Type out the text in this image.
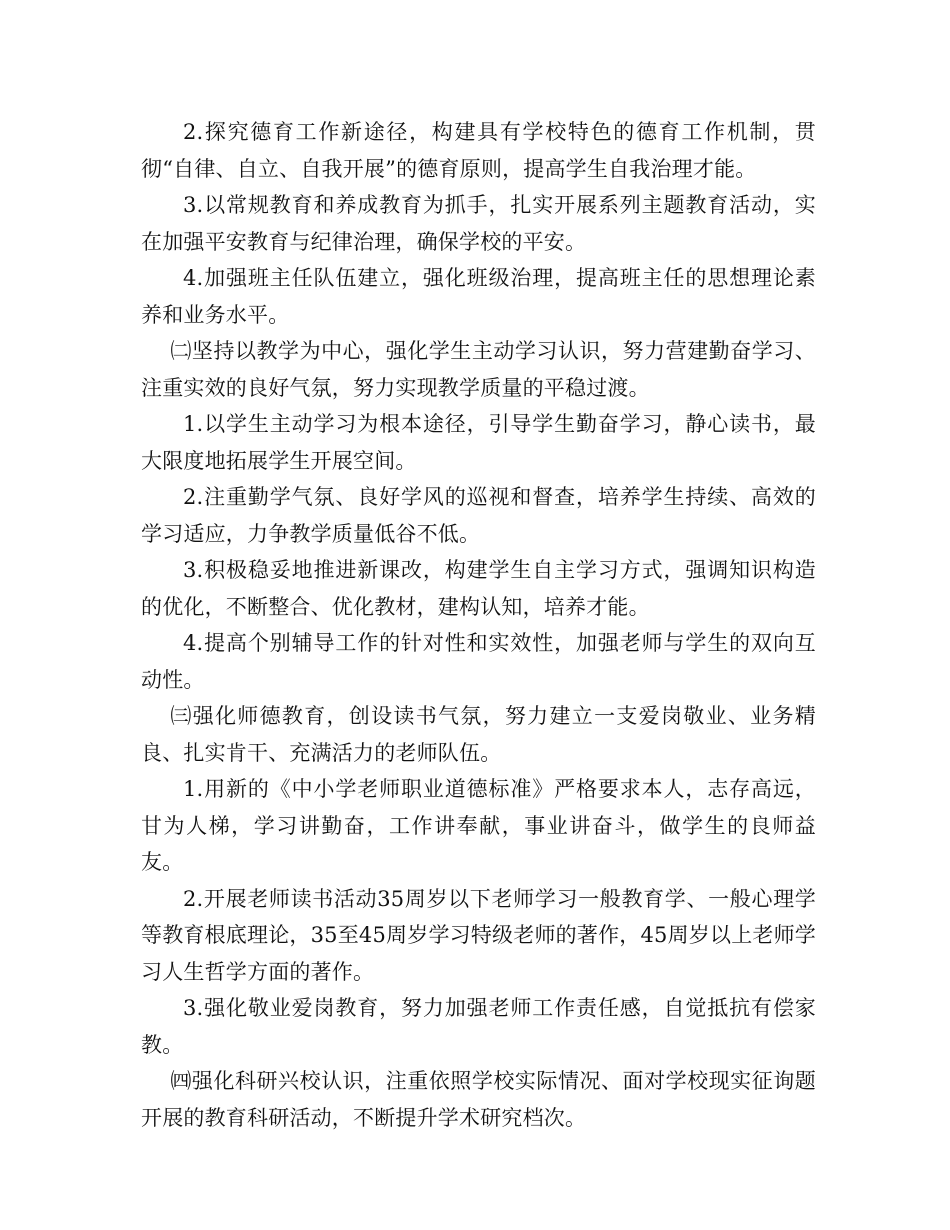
2.探究德育工作新途径，构建具有学校特色的德育工作机制，贯彻“自律、自立、自我开展”的德育原则，提高学生自我治理才能。

3.以常规教育和养成教育为抓手，扎实开展系列主题教育活动，实在加强平安教育与纪律治理，确保学校的平安。

4.加强班主任队伍建立，强化班级治理，提高班主任的思想理论素养和业务水平。

㈡坚持以教学为中心，强化学生主动学习认识，努力营建勤奋学习、注重实效的良好气氛，努力实现教学质量的平稳过渡。

1.以学生主动学习为根本途径，引导学生勤奋学习，静心读书，最大限度地拓展学生开展空间。

2.注重勤学气氛、良好学风的巡视和督查，培养学生持续、高效的学习适应，力争教学质量低谷不低。

3.积极稳妥地推进新课改，构建学生自主学习方式，强调知识构造的优化，不断整合、优化教材，建构认知，培养才能。

4.提高个别辅导工作的针对性和实效性，加强老师与学生的双向互动性。

㈢强化师德教育，创设读书气氛，努力建立一支爱岗敬业、业务精良、扎实肯干、充满活力的老师队伍。

1.用新的《中小学老师职业道德标准》严格要求本人，志存高远，甘为人梯，学习讲勤奋，工作讲奉献，事业讲奋斗，做学生的良师益友。

2.开展老师读书活动35周岁以下老师学习一般教育学、一般心理学等教育根底理论，35至45周岁学习特级老师的著作，45周岁以上老师学习人生哲学方面的著作。

3.强化敬业爱岗教育，努力加强老师工作责任感，自觉抵抗有偿家教。

㈣强化科研兴校认识，注重依照学校实际情况、面对学校现实征询题开展的教育科研活动，不断提升学术研究档次。
